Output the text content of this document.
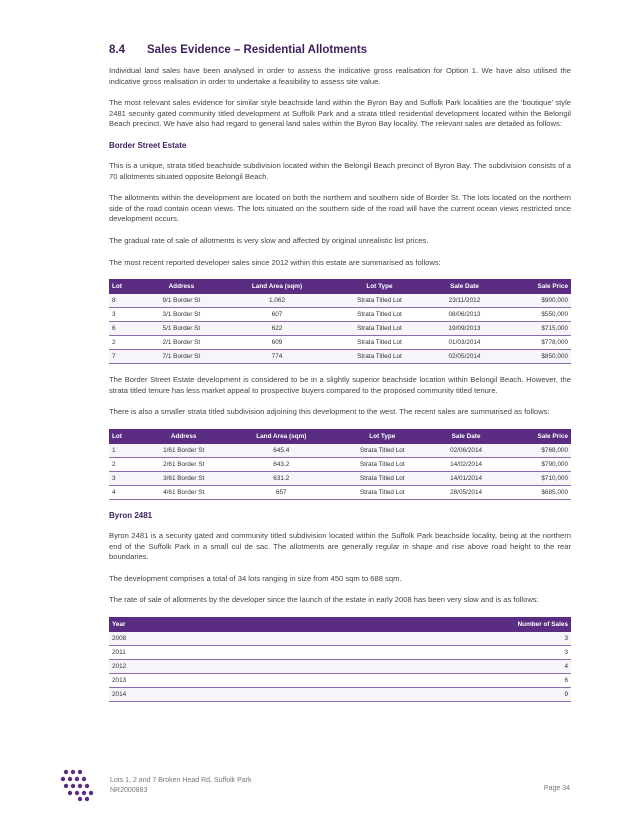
8.4	Sales Evidence – Residential Allotments

Individual land sales have been analysed in order to assess the indicative gross realisation for Option 1. We have also utilised the indicative gross realisation in order to undertake a feasibility to assess site value.

The most relevant sales evidence for similar style beachside land within the Byron Bay and Suffolk Park localities are the 'boutique' style 2481 security gated community titled development at Suffolk Park and a strata titled residential development located within the Belongil Beach precinct. We have also had regard to general land sales within the Byron Bay locality. The relevant sales are detailed as follows:

Border Street Estate

This is a unique, strata titled beachside subdivision located within the Belongil Beach precinct of Byron Bay. The subdivision consists of a 70 allotments situated opposite Belongil Beach.

The allotments within the development are located on both the northern and southern side of Border St. The lots located on the northern side of the road contain ocean views. The lots situated on the southern side of the road will have the current ocean views restricted once development occurs.

The gradual rate of sale of allotments is very slow and affected by original unrealistic list prices.

The most recent reported developer sales since 2012 within this estate are summarised as follows:

Lot	Address	Land Area (sqm)	Lot Type	Sale Date	Sale Price
8	9/1 Border St	1,062	Strata Titled Lot	23/11/2012	$900,000
3	3/1 Border St	607	Strata Titled Lot	08/06/2013	$550,000
6	5/1 Border St	622	Strata Titled Lot	19/09/2013	$715,000
2	2/1 Border St	609	Strata Titled Lot	01/03/2014	$778,000
7	7/1 Border St	774	Strata Titled Lot	02/05/2014	$850,000

The Border Street Estate development is considered to be in a slightly superior beachside location within Belongil Beach. However, the strata titled tenure has less market appeal to prospective buyers compared to the proposed community titled tenure.

There is also a smaller strata titled subdivision adjoining this development to the west. The recent sales are summarised as follows:

Lot	Address	Land Area (sqm)	Lot Type	Sale Date	Sale Price
1	1/61 Border St	645.4	Strata Titled Lot	02/06/2014	$768,000
2	2/61 Border St	643.2	Strata Titled Lot	14/02/2014	$790,000
3	3/61 Border St	631.2	Strata Titled Lot	14/01/2014	$710,000
4	4/61 Border St	657	Strata Titled Lot	28/05/2014	$685,000
Byron 2481

Byron 2481 is a security gated and community titled subdivision located within the Suffolk Park beachside locality, being at the northern end of the Suffolk Park in a small cul de sac. The allotments are generally regular in shape and rise above road height to the rear boundaries.

The development comprises a total of 34 lots ranging in size from 450 sqm to 688 sqm.

The rate of sale of allotments by the developer since the launch of the estate in early 2008 has been very slow and is as follows:

Year	Number of Sales
2008	3
2011	3
2012	4
2013	6
2014	9
Lots 1, 2 and 7 Broken Head Rd, Suffolk Park
NR2000883	Page 34
